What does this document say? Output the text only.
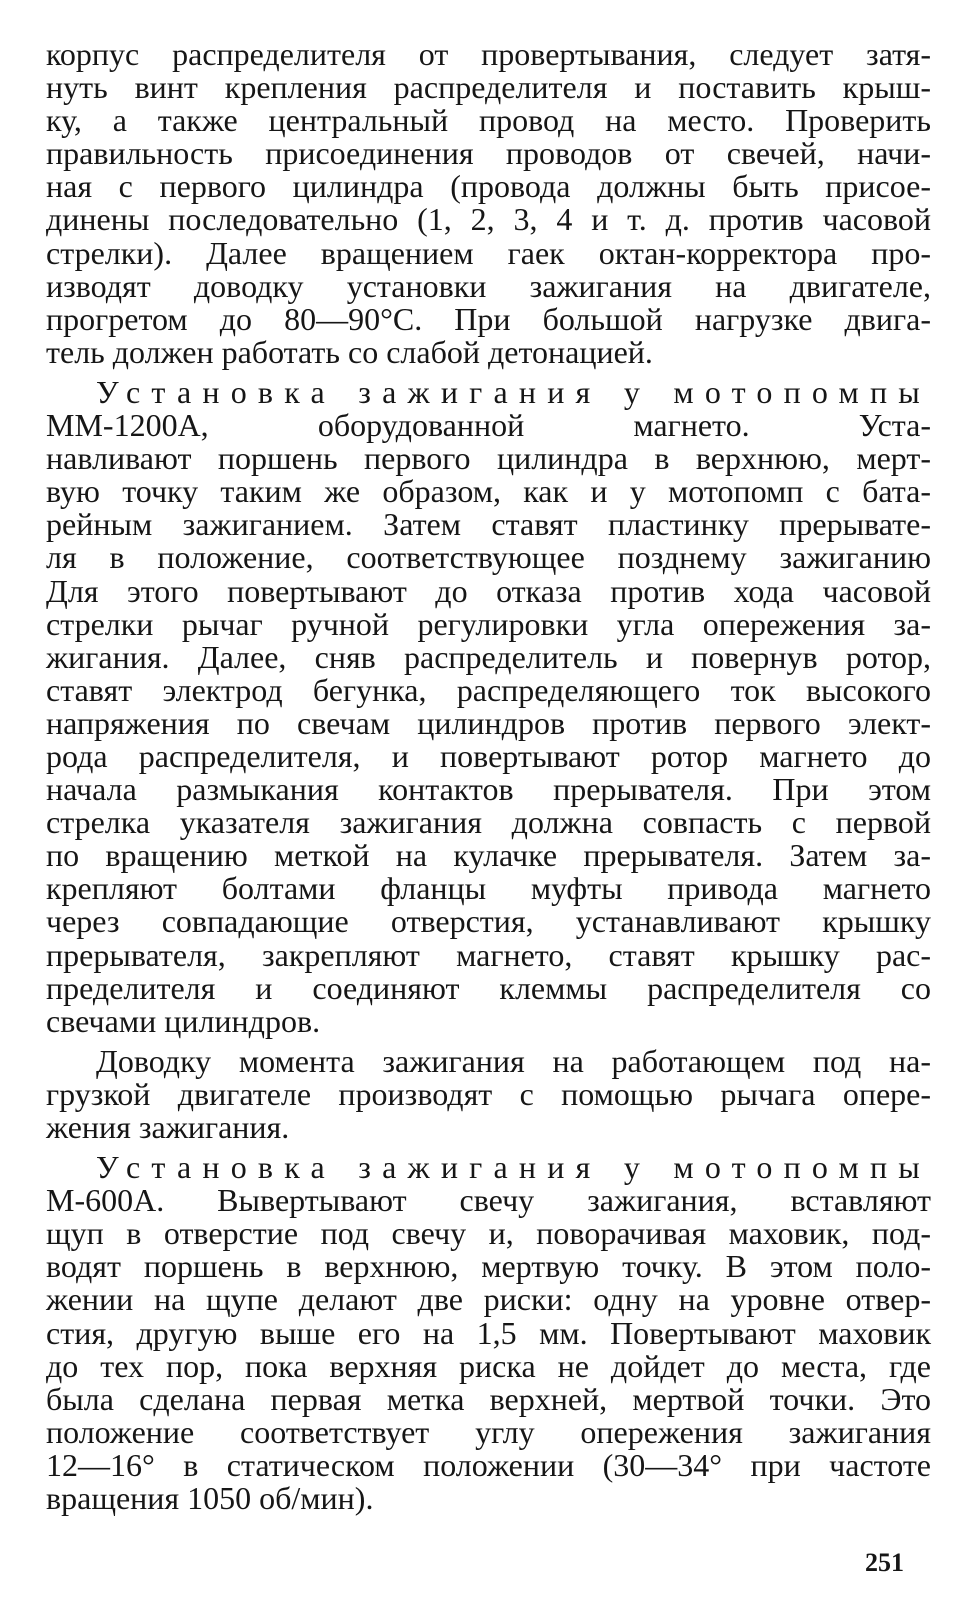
корпус распределителя от провертывания, следует затя-
нуть винт крепления распределителя и поставить крыш-
ку, а также центральный провод на место. Проверить
правильность присоединения проводов от свечей, начи-
ная с первого цилиндра (провода должны быть присое-
динены последовательно (1, 2, 3, 4 и т. д. против часовой
стрелки). Далее вращением гаек октан-корректора про-
изводят доводку установки зажигания на двигателе,
прогретом до 80—90°С. При большой нагрузке двига-
тель должен работать со слабой детонацией.
Установка зажигания у мотопомпы
ММ-1200А, оборудованной магнето. Уста-
навливают поршень первого цилиндра в верхнюю, мерт-
вую точку таким же образом, как и у мотопомп с бата-
рейным зажиганием. Затем ставят пластинку прерывате-
ля в положение, соответствующее позднему зажиганию
Для этого повертывают до отказа против хода часовой
стрелки рычаг ручной регулировки угла опережения за-
жигания. Далее, сняв распределитель и повернув ротор,
ставят электрод бегунка, распределяющего ток высокого
напряжения по свечам цилиндров против первого элект-
рода распределителя, и повертывают ротор магнето до
начала размыкания контактов прерывателя. При этом
стрелка указателя зажигания должна совпасть с первой
по вращению меткой на кулачке прерывателя. Затем за-
крепляют болтами фланцы муфты привода магнето
через совпадающие отверстия, устанавливают крышку
прерывателя, закрепляют магнето, ставят крышку рас-
пределителя и соединяют клеммы распределителя со
свечами цилиндров.
Доводку момента зажигания на работающем под на-
грузкой двигателе производят с помощью рычага опере-
жения зажигания.
Установка зажигания у мотопомпы
М-600А. Вывертывают свечу зажигания, вставляют
щуп в отверстие под свечу и, поворачивая маховик, под-
водят поршень в верхнюю, мертвую точку. В этом поло-
жении на щупе делают две риски: одну на уровне отвер-
стия, другую выше его на 1,5 мм. Повертывают маховик
до тех пор, пока верхняя риска не дойдет до места, где
была сделана первая метка верхней, мертвой точки. Это
положение соответствует углу опережения зажигания
12—16° в статическом положении (30—34° при частоте
вращения 1050 об/мин).
251
